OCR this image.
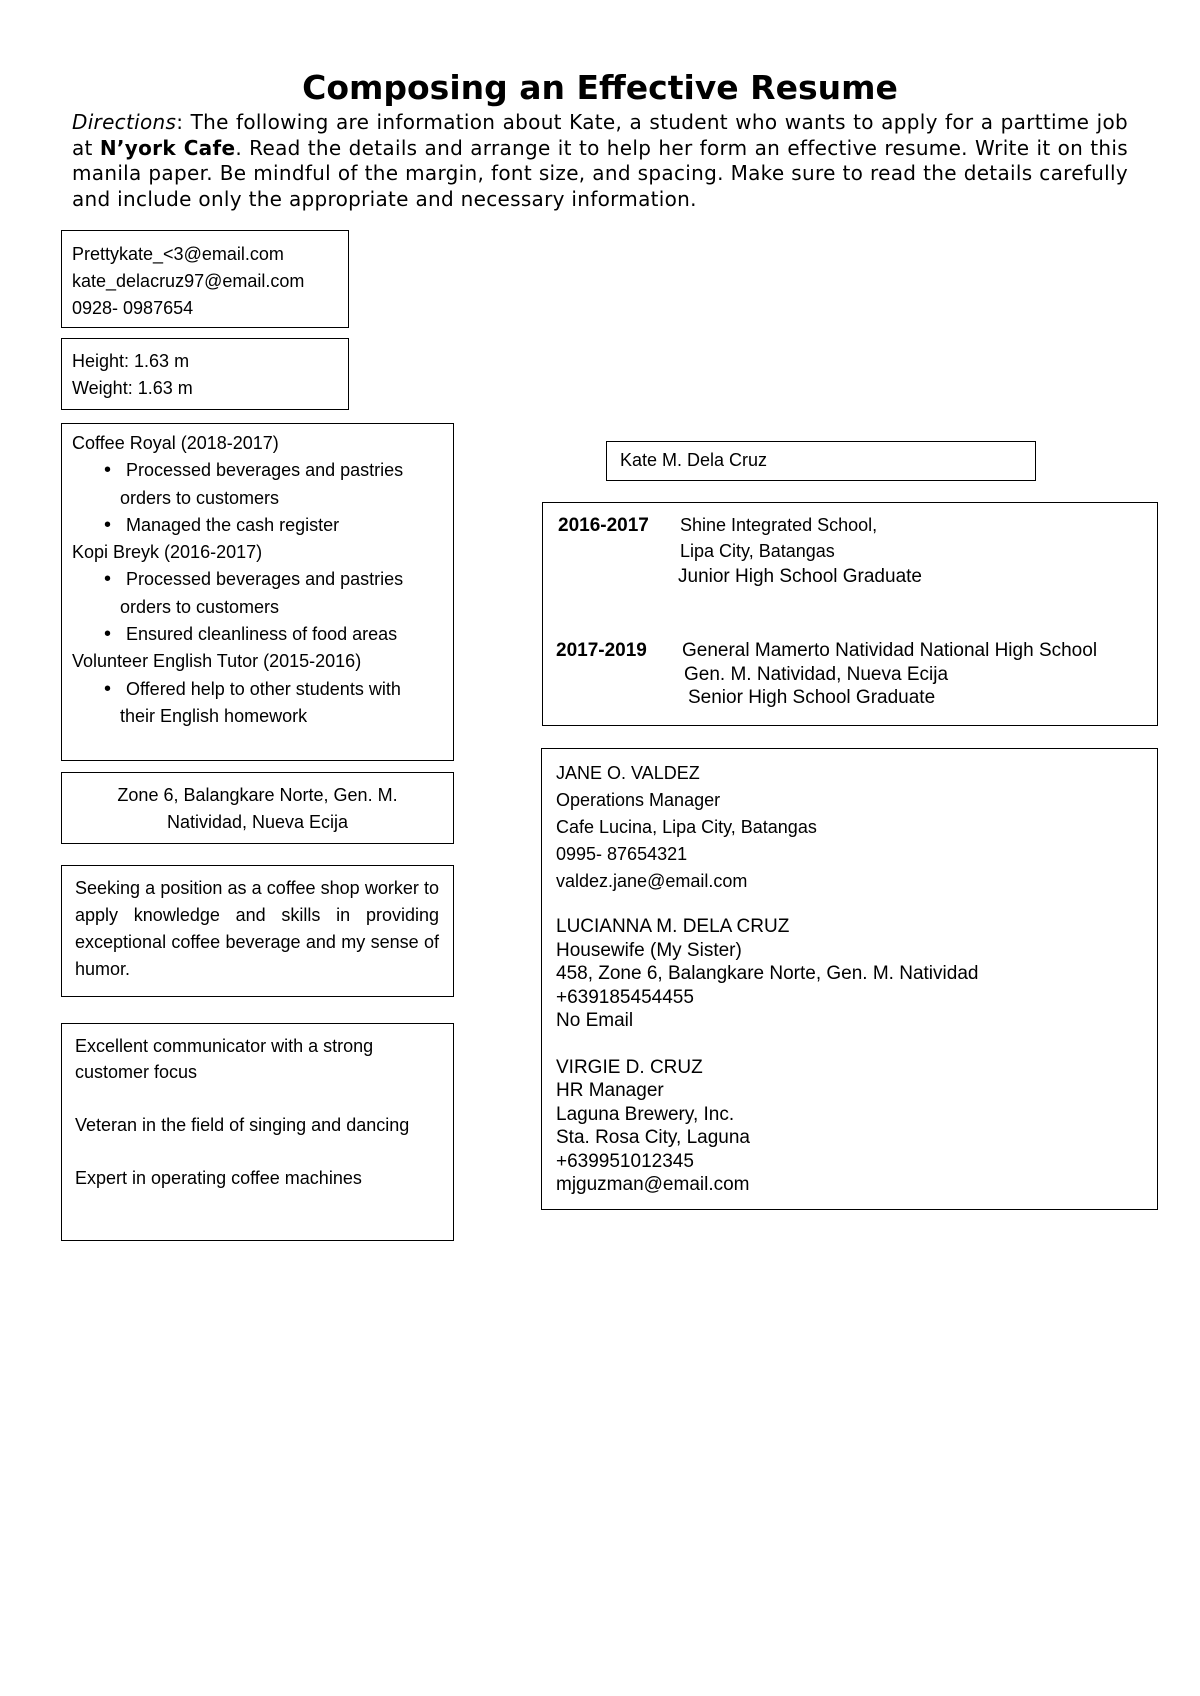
Composing an Effective Resume
Directions: The following are information about Kate, a student who wants to apply for a parttime job at N’york Cafe. Read the details and arrange it to help her form an effective resume. Write it on this manila paper. Be mindful of the margin, font size, and spacing. Make sure to read the details carefully and include only the appropriate and necessary information.
Prettykate_<3@email.com
kate_delacruz97@email.com
0928- 0987654
Height: 1.63 m
Weight: 1.63 m
Coffee Royal (2018-2017)
• Processed beverages and pastries
orders to customers
• Managed the cash register
Kopi Breyk (2016-2017)
• Processed beverages and pastries
orders to customers
• Ensured cleanliness of food areas
Volunteer English Tutor (2015-2016)
• Offered help to other students with
their English homework
Zone 6, Balangkare Norte, Gen. M.
Natividad, Nueva Ecija
Seeking a position as a coffee shop worker to apply knowledge and skills in providing exceptional coffee beverage and my sense of humor.
Excellent communicator with a strong customer focus
Veteran in the field of singing and dancing
Expert in operating coffee machines
Kate M. Dela Cruz
2016-2017 Shine Integrated School,
Lipa City, Batangas
Junior High School Graduate
2017-2019 General Mamerto Natividad National High School
Gen. M. Natividad, Nueva Ecija
Senior High School Graduate
JANE O. VALDEZ
Operations Manager
Cafe Lucina, Lipa City, Batangas
0995- 87654321
valdez.jane@email.com
LUCIANNA M. DELA CRUZ
Housewife (My Sister)
458, Zone 6, Balangkare Norte, Gen. M. Natividad
+639185454455
No Email
VIRGIE D. CRUZ
HR Manager
Laguna Brewery, Inc.
Sta. Rosa City, Laguna
+639951012345
mjguzman@email.com
